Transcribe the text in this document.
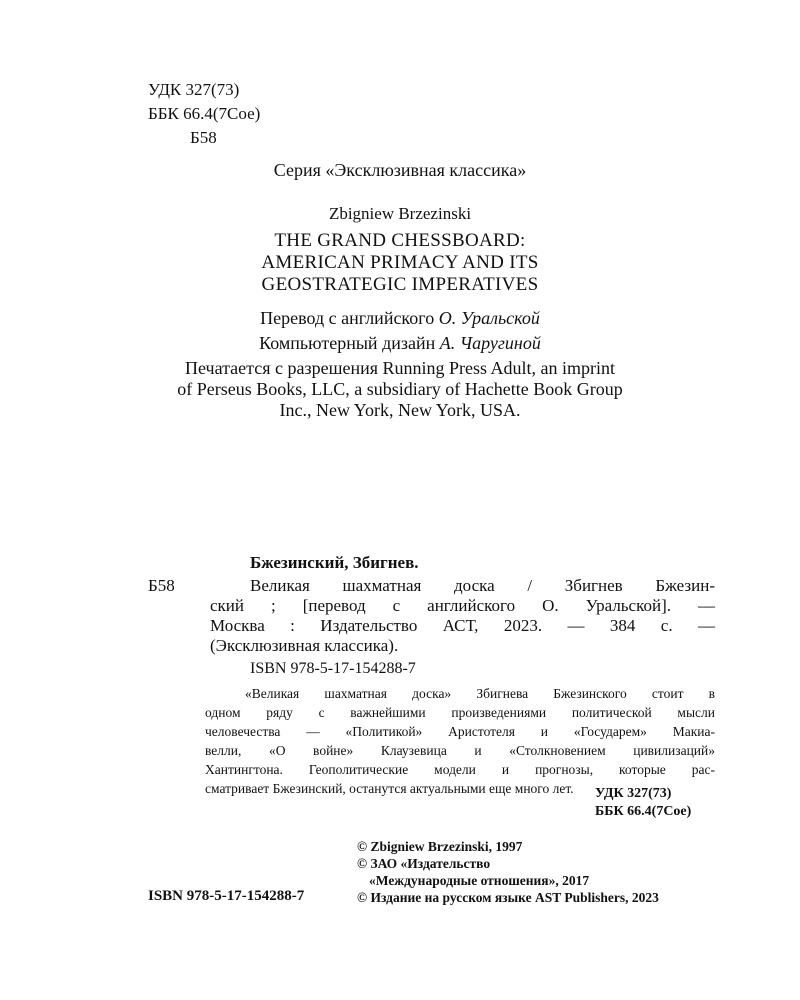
УДК 327(73)
ББК 66.4(7Сое)
Б58
Серия «Эксклюзивная классика»
Zbigniew Brzezinski
THE GRAND CHESSBOARD:
AMERICAN PRIMACY AND ITS
GEOSTRATEGIC IMPERATIVES
Перевод с английского О. Уральской
Компьютерный дизайн А. Чаругиной
Печатается с разрешения Running Press Adult, an imprint
of Perseus Books, LLC, a subsidiary of Hachette Book Group
Inc., New York, New York, USA.
Бжезинский, Збигнев.
Б58	Великая шахматная доска / Збигнев Бжезин-
ский ; [перевод с английского О. Уральской]. —
Москва : Издательство АСТ, 2023. — 384 с. —
(Эксклюзивная классика).
ISBN 978-5-17-154288-7
«Великая шахматная доска» Збигнева Бжезинского стоит в
одном ряду с важнейшими произведениями политической мысли
человечества — «Политикой» Аристотеля и «Государем» Макиа-
велли, «О войне» Клаузевица и «Столкновением цивилизаций»
Хантингтона. Геополитические модели и прогнозы, которые рас-
сматривает Бжезинский, останутся актуальными еще много лет.	УДК 327(73)
ББК 66.4(7Сое)
© Zbigniew Brzezinski, 1997
© ЗАО «Издательство
«Международные отношения», 2017
© Издание на русском языке AST Publishers, 2023
ISBN 978-5-17-154288-7
